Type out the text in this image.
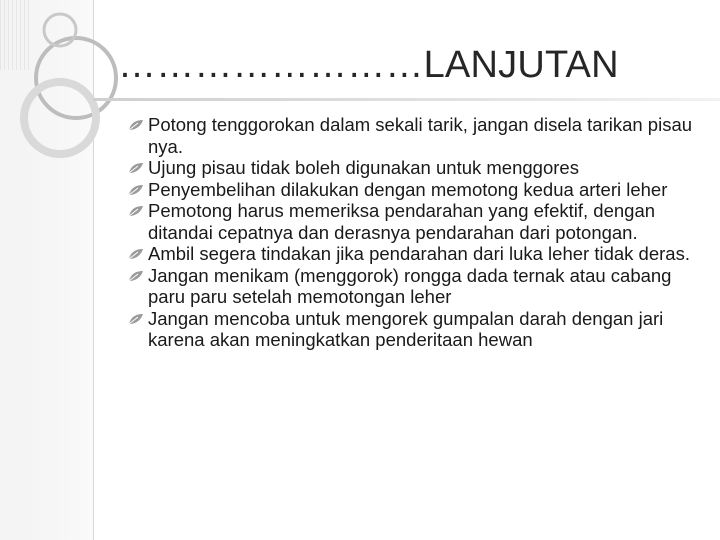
……………………LANJUTAN
Potong tenggorokan dalam sekali tarik, jangan disela tarikan pisau nya.
Ujung pisau tidak boleh digunakan untuk menggores
Penyembelihan dilakukan dengan memotong kedua arteri leher
Pemotong harus memeriksa pendarahan yang efektif, dengan ditandai cepatnya dan derasnya pendarahan dari potongan.
Ambil segera tindakan jika pendarahan dari luka leher tidak deras.
Jangan menikam (menggorok) rongga dada ternak atau cabang paru paru setelah memotongan leher
Jangan mencoba untuk mengorek gumpalan darah dengan jari karena akan meningkatkan penderitaan hewan
